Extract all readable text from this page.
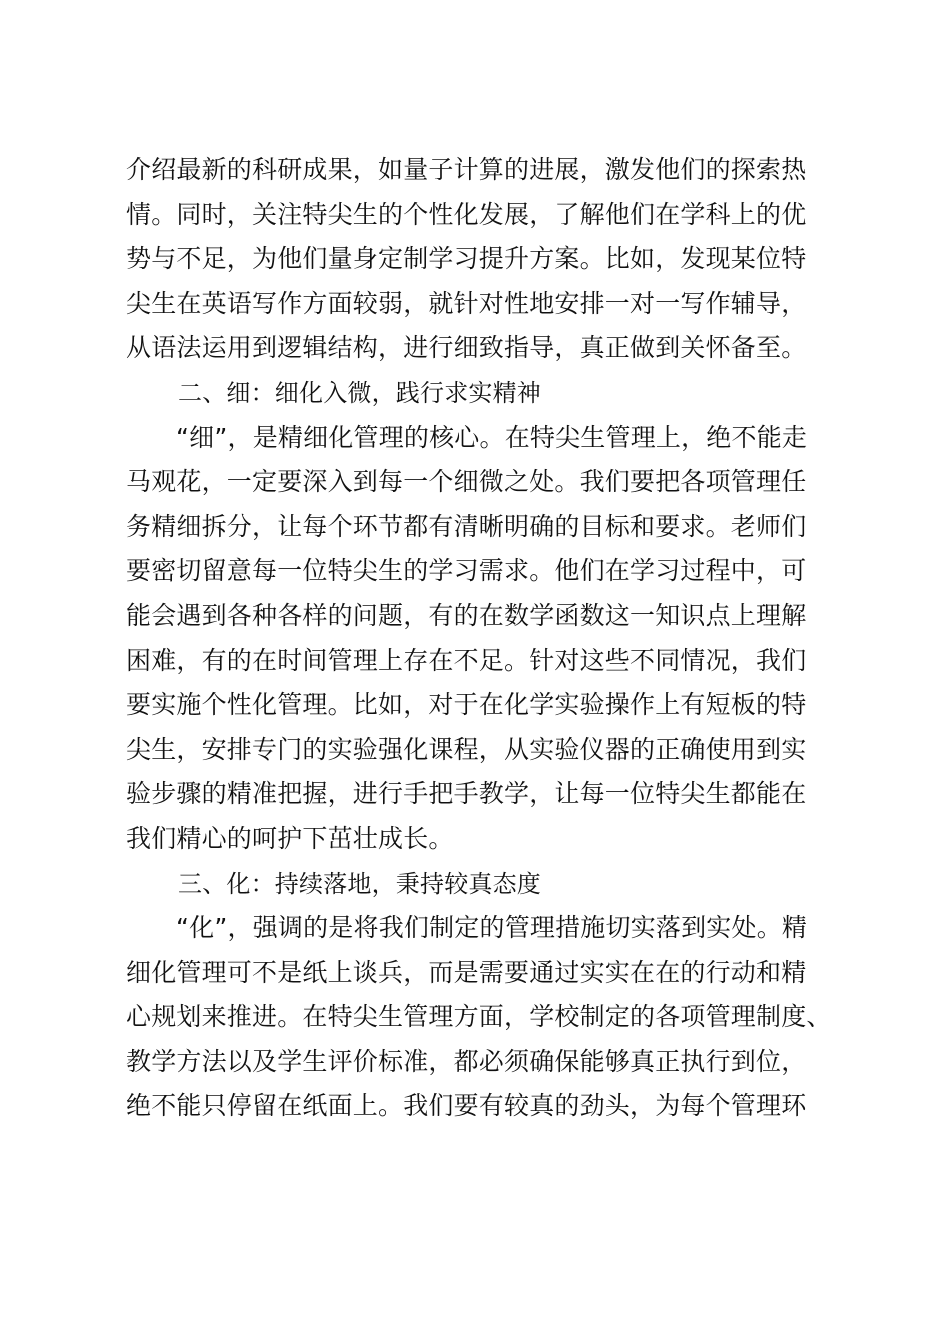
介绍最新的科研成果，如量子计算的进展，激发他们的探索热
情。同时，关注特尖生的个性化发展，了解他们在学科上的优
势与不足，为他们量身定制学习提升方案。比如，发现某位特
尖生在英语写作方面较弱，就针对性地安排一对一写作辅导，
从语法运用到逻辑结构，进行细致指导，真正做到关怀备至。
二、细：细化入微，践行求实精神
“细”，是精细化管理的核心。在特尖生管理上，绝不能走
马观花，一定要深入到每一个细微之处。我们要把各项管理任
务精细拆分，让每个环节都有清晰明确的目标和要求。老师们
要密切留意每一位特尖生的学习需求。他们在学习过程中，可
能会遇到各种各样的问题，有的在数学函数这一知识点上理解
困难，有的在时间管理上存在不足。针对这些不同情况，我们
要实施个性化管理。比如，对于在化学实验操作上有短板的特
尖生，安排专门的实验强化课程，从实验仪器的正确使用到实
验步骤的精准把握，进行手把手教学，让每一位特尖生都能在
我们精心的呵护下茁壮成长。
三、化：持续落地，秉持较真态度
“化”，强调的是将我们制定的管理措施切实落到实处。精
细化管理可不是纸上谈兵，而是需要通过实实在在的行动和精
心规划来推进。在特尖生管理方面，学校制定的各项管理制度、
教学方法以及学生评价标准，都必须确保能够真正执行到位，
绝不能只停留在纸面上。我们要有较真的劲头，为每个管理环
